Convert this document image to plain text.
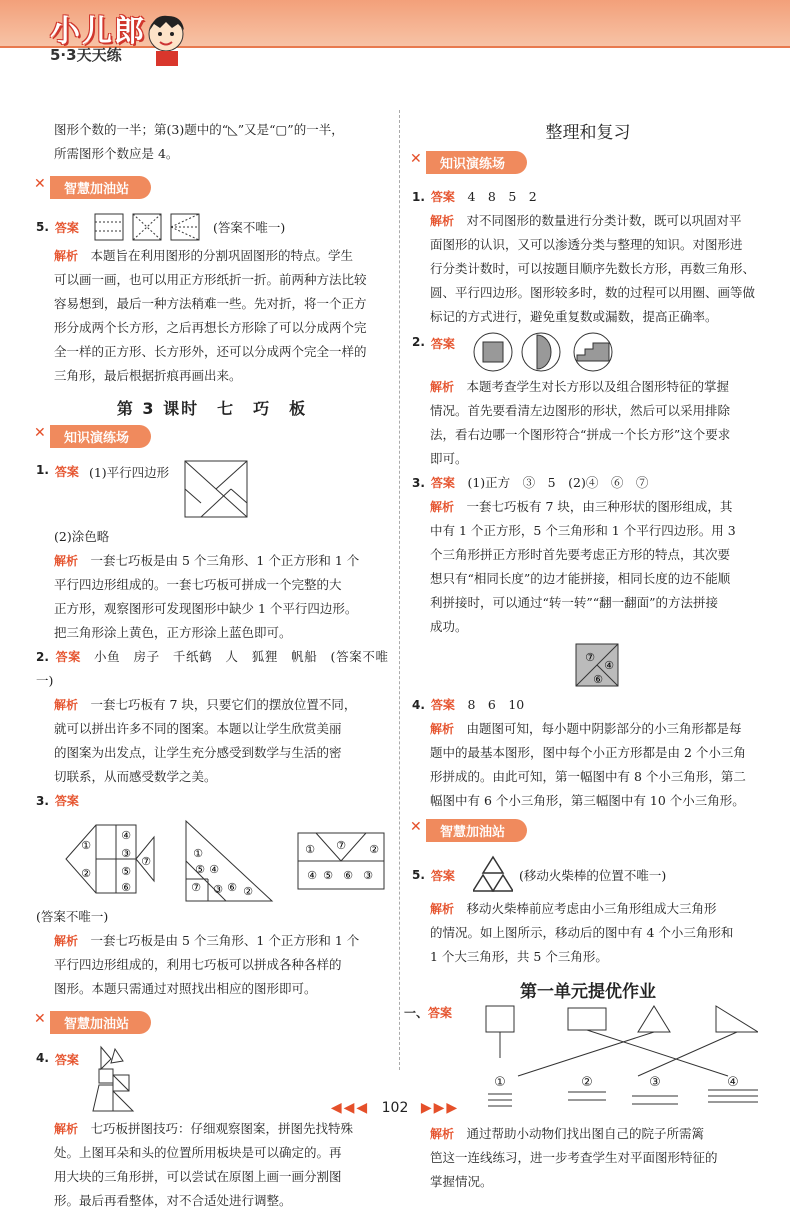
小儿郎
5·3天天练

图形个数的一半；第(3)题中的“◺”又是“▢”的一半，

所需图形个数应是 4。

✕ 智慧加油站
5. 答案	(答案不唯一)

解析　 本题旨在利用图形的分割巩固图形的特点。学生

可以画一画，也可以用正方形纸折一折。前两种方法比较

容易想到，最后一种方法稍难一些。先对折，将一个正方

形分成两个长方形，之后再想长方形除了可以分成两个完

全一样的正方形、长方形外，还可以分成两个完全一样的

三角形，最后根据折痕再画出来。

第 3 课时　七　巧　板
✕ 知识演练场
1. 答案 (1)平行四边形

(2)涂色略

解析　 一套七巧板是由 5 个三角形、1 个正方形和 1 个

平行四边形组成的。一套七巧板可拼成一个完整的大

正方形，观察图形可发现图形中缺少 1 个平行四边形。

把三角形涂上黄色，正方形涂上蓝色即可。

2. 答案　 小鱼　房子　千纸鹤　人　狐狸　帆船　(答案不唯一)

解析　 一套七巧板有 7 块，只要它们的摆放位置不同，

就可以拼出许多不同的图案。本题以让学生欣赏美丽

的图案为出发点，让学生充分感受到数学与生活的密

切联系，从而感受数学之美。

3. 答案

①
②
④
③
⑤
⑥
⑦
①
④
⑤
⑦ ③ ⑥ ②
① ⑦ ②
④ ⑤ ⑥ ③

(答案不唯一)

解析　 一套七巧板是由 5 个三角形、1 个正方形和 1 个

平行四边形组成的，利用七巧板可以拼成各种各样的

图形。本题只需通过对照找出相应的图形即可。

✕ 智慧加油站
4. 答案

解析　 七巧板拼图技巧：仔细观察图案，拼图先找特殊

处。上图耳朵和头的位置所用板块是可以确定的。再

用大块的三角形拼，可以尝试在原图上画一画分割图

形。最后再看整体，对不合适处进行调整。

整理和复习
✕ 知识演练场

1. 答案　 4　8　5　2

解析　 对不同图形的数量进行分类计数，既可以巩固对平

面图形的认识，又可以渗透分类与整理的知识。对图形进

行分类计数时，可以按题目顺序先数长方形，再数三角形、

圆、平行四边形。图形较多时，数的过程可以用圈、画等做

标记的方式进行，避免重复数或漏数，提高正确率。

2. 答案

解析　 本题考查学生对长方形以及组合图形特征的掌握

情况。首先要看清左边图形的形状，然后可以采用排除

法，看右边哪一个图形符合“拼成一个长方形”这个要求

即可。

3. 答案　 (1)正方　③　5　(2)④　⑥　⑦

解析　 一套七巧板有 7 块，由三种形状的图形组成，其

中有 1 个正方形，5 个三角形和 1 个平行四边形。用 3

个三角形拼正方形时首先要考虑正方形的特点，其次要

想只有“相同长度”的边才能拼接，相同长度的边不能顺

利拼接时，可以通过“转一转”“翻一翻面”的方法拼接

成功。

⑦
④
⑥

4. 答案　 8　6　10

解析　 由题图可知，每小题中阴影部分的小三角形都是每

题中的最基本图形，图中每个小正方形都是由 2 个小三角

形拼成的。由此可知，第一幅图中有 8 个小三角形，第二

幅图中有 6 个小三角形，第三幅图中有 10 个小三角形。

✕ 智慧加油站
5. 答案	(移动火柴棒的位置不唯一)

解析　 移动火柴棒前应考虑由小三角形组成大三角形

的情况。如上图所示，移动后的图中有 4 个小三角形和

1 个大三角形，共 5 个三角形。

第一单元提优作业
一、 答案
①	②	③	④

解析　 通过帮助小动物们找出图自己的院子所需篱

笆这一连线练习，进一步考查学生对平面图形特征的

掌握情况。

◀◀◀ 102 ▶▶▶
